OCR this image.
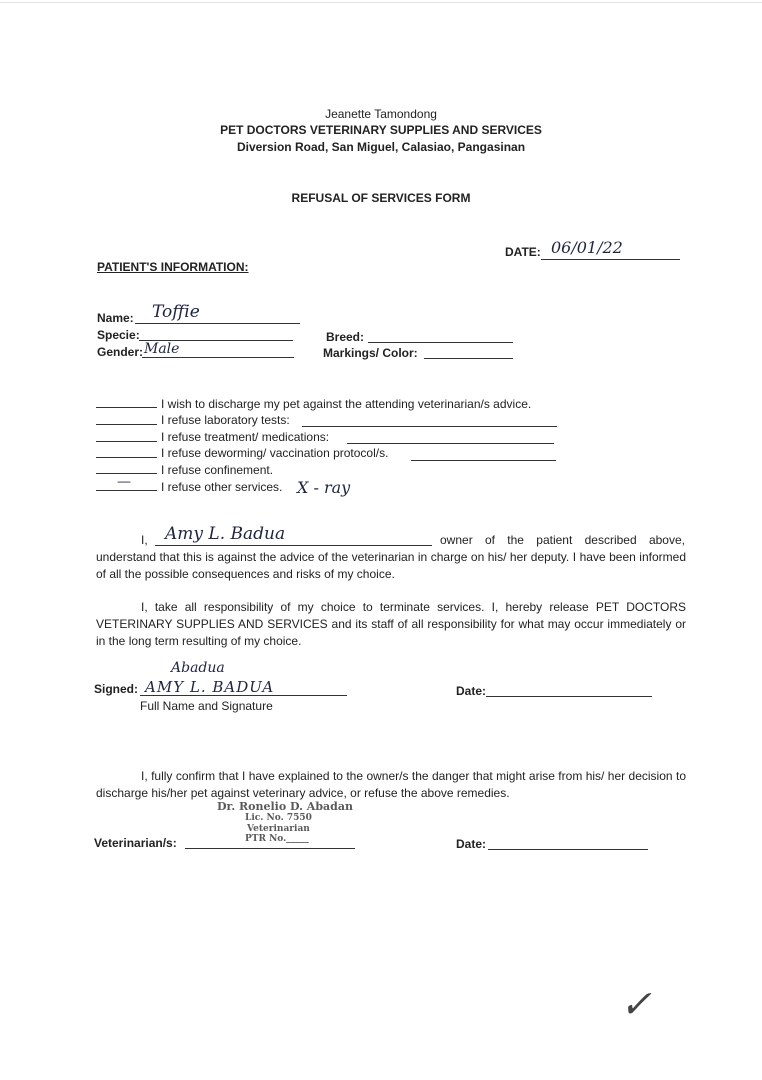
Jeanette Tamondong
PET DOCTORS VETERINARY SUPPLIES AND SERVICES
Diversion Road, San Miguel, Calasiao, Pangasinan
REFUSAL OF SERVICES FORM
DATE: 06/01/22
PATIENT'S INFORMATION:
Name: Toffie
Specie:
Gender: Male
Breed:
Markings/ Color:
I wish to discharge my pet against the attending veterinarian/s advice.
I refuse laboratory tests:
I refuse treatment/ medications:
I refuse deworming/ vaccination protocol/s.
I refuse confinement.
—	I refuse other services. X - ray
I, Amy L. Badua	owner of the patient described above,
understand that this is against the advice of the veterinarian in charge on his/ her deputy. I have been informed of all the possible consequences and risks of my choice.
I, take all responsibility of my choice to terminate services. I, hereby release PET DOCTORS VETERINARY SUPPLIES AND SERVICES and its staff of all responsibility for what may occur immediately or in the long term resulting of my choice.
Abadua
Signed: AMY L. BADUA
Full Name and Signature
Date:
I, fully confirm that I have explained to the owner/s the danger that might arise from his/ her decision to discharge his/her pet against veterinary advice, or refuse the above remedies.
Dr. Ronelio D. Abadan
Lic. No. 7550
Veterinarian
PTR No._____
Veterinarian/s:	Date:
✓
